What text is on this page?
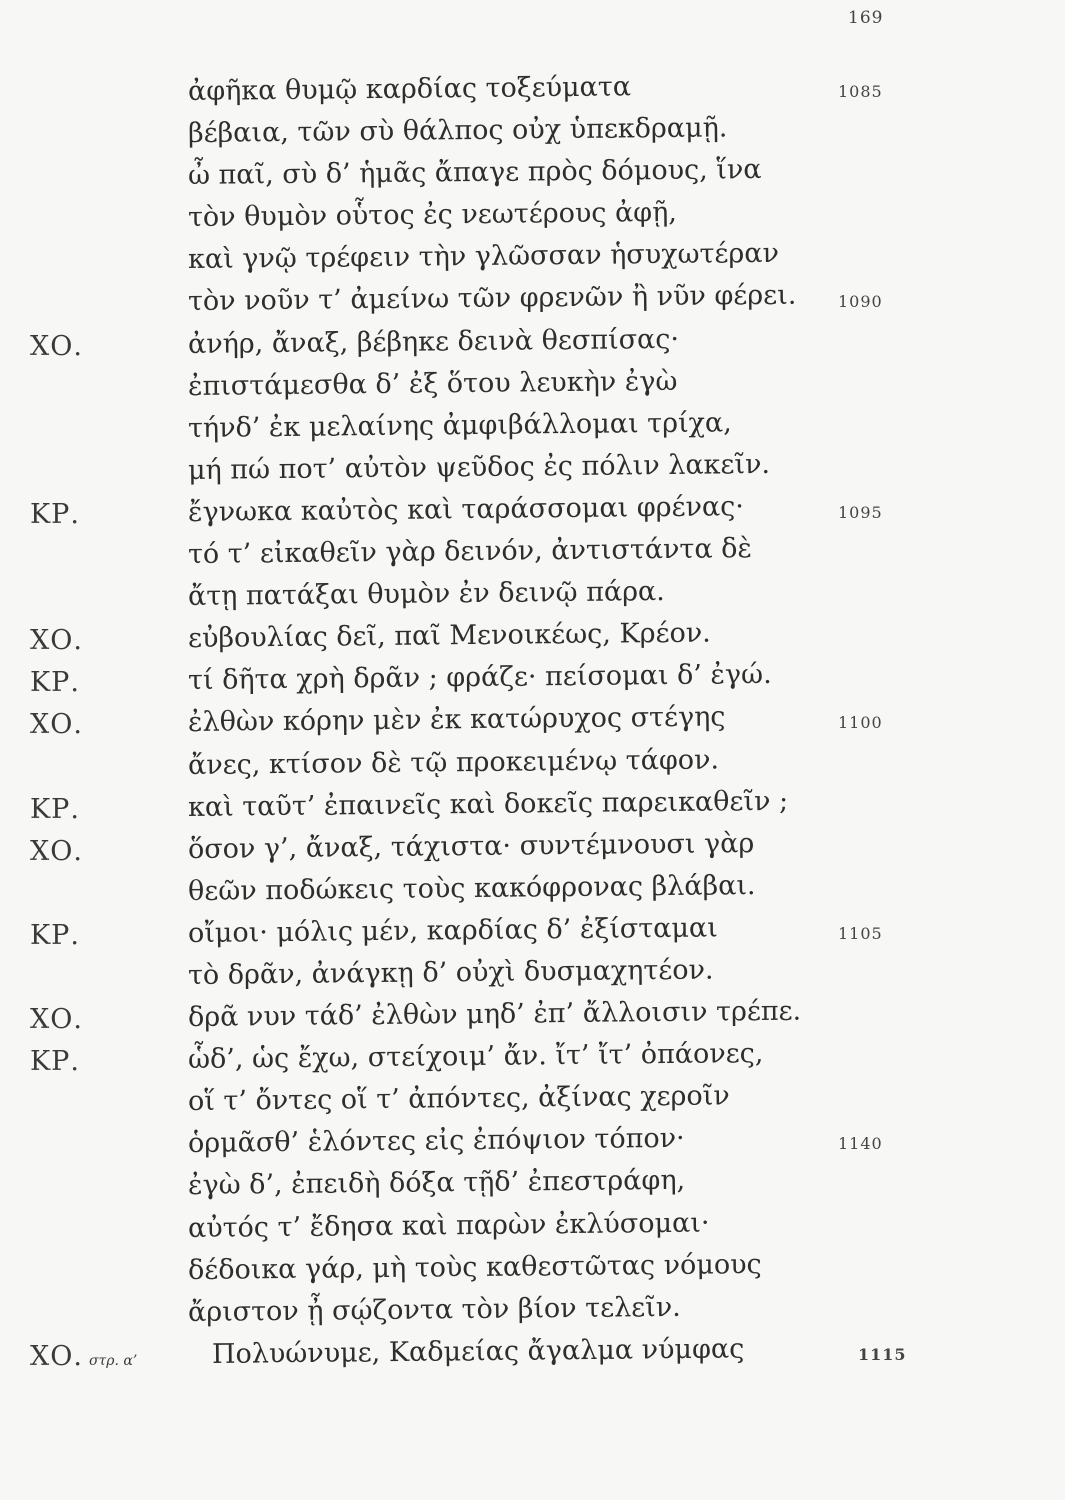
169
ἀφῆκα θυμῷ καρδίας τοξεύματα	1085
βέβαια, τῶν σὺ θάλπος οὐχ ὑπεκδραμῇ.
ὦ παῖ, σὺ δ’ ἡμᾶς ἄπαγε πρὸς δόμους, ἵνα
τὸν θυμὸν οὗτος ἐς νεωτέρους ἀφῇ,
καὶ γνῷ τρέφειν τὴν γλῶσσαν ἡσυχωτέραν
τὸν νοῦν τ’ ἀμείνω τῶν φρενῶν ἢ νῦν φέρει.	1090
ΧΟ.	ἀνήρ, ἄναξ, βέβηκε δεινὰ θεσπίσας·
ἐπιστάμεσθα δ’ ἐξ ὅτου λευκὴν ἐγὼ
τήνδ’ ἐκ μελαίνης ἀμφιβάλλομαι τρίχα,
μή πώ ποτ’ αὐτὸν ψεῦδος ἐς πόλιν λακεῖν.
ΚΡ.	ἔγνωκα καὐτὸς καὶ ταράσσομαι φρένας·	1095
τό τ’ εἰκαθεῖν γὰρ δεινόν, ἀντιστάντα δὲ
ἄτῃ πατάξαι θυμὸν ἐν δεινῷ πάρα.
ΧΟ.	εὐβουλίας δεῖ, παῖ Μενοικέως, Κρέον.
ΚΡ.	τί δῆτα χρὴ δρᾶν ; φράζε· πείσομαι δ’ ἐγώ.
ΧΟ.	ἐλθὼν κόρην μὲν ἐκ κατώρυχος στέγης	1100
ἄνες, κτίσον δὲ τῷ προκειμένῳ τάφον.
ΚΡ.	καὶ ταῦτ’ ἐπαινεῖς καὶ δοκεῖς παρεικαθεῖν ;
ΧΟ.	ὅσον γ’, ἄναξ, τάχιστα· συντέμνουσι γὰρ
θεῶν ποδώκεις τοὺς κακόφρονας βλάβαι.
ΚΡ.	οἴμοι· μόλις μέν, καρδίας δ’ ἐξίσταμαι	1105
τὸ δρᾶν, ἀνάγκῃ δ’ οὐχὶ δυσμαχητέον.
ΧΟ.	δρᾶ νυν τάδ’ ἐλθὼν μηδ’ ἐπ’ ἄλλοισιν τρέπε.
ΚΡ.	ὧδ’, ὡς ἔχω, στείχοιμ’ ἄν. ἴτ’ ἴτ’ ὀπάονες,
οἵ τ’ ὄντες οἵ τ’ ἀπόντες, ἀξίνας χεροῖν
ὁρμᾶσθ’ ἑλόντες εἰς ἐπόψιον τόπον·	1140
ἐγὼ δ’, ἐπειδὴ δόξα τῇδ’ ἐπεστράφη,
αὐτός τ’ ἔδησα καὶ παρὼν ἐκλύσομαι·
δέδοικα γάρ, μὴ τοὺς καθεστῶτας νόμους
ἄριστον ᾖ σῴζοντα τὸν βίον τελεῖν.
ΧΟ. στρ. α’	Πολυώνυμε, Καδμείας ἄγαλμα νύμφας	1115
